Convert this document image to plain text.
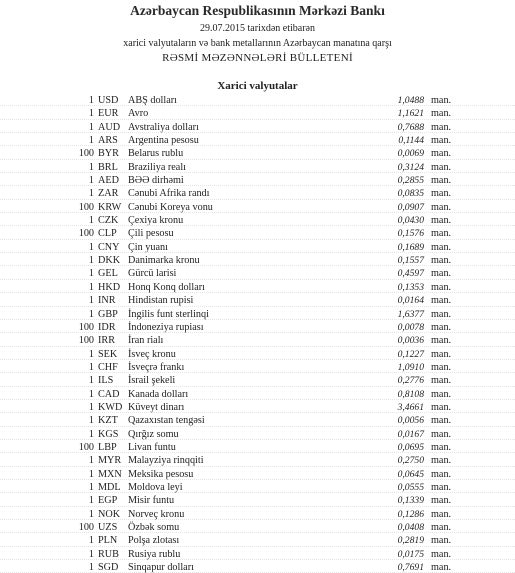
Azərbaycan Respublikasının Mərkəzi Bankı
29.07.2015 tarixdən etibarən
xarici valyutaların və bank metallarının Azərbaycan manatına qarşı
RƏSMİ MƏZƏNNƏLƏRİ BÜLLETENİ
Xarici valyutalar
1 USD ABŞ dolları	1,0488 man.
1 EUR Avro	1,1621 man.
1 AUD Avstraliya dolları	0,7688 man.
1 ARS Argentina pesosu	0,1144 man.
100 BYR Belarus rublu	0,0069 man.
1 BRL Braziliya realı	0,3124 man.
1 AED BƏƏ dirhəmi	0,2855 man.
1 ZAR Cənubi Afrika randı	0,0835 man.
100 KRW Cənubi Koreya vonu	0,0907 man.
1 CZK Çexiya kronu	0,0430 man.
100 CLP	Çili pesosu	0,1576 man.
1 CNY Çin yuanı	0,1689 man.
1 DKK Danimarka kronu	0,1557 man.
1 GEL Gürcü larisi	0,4597 man.
1 HKD Honq Konq dolları	0,1353 man.
1 INR	Hindistan rupisi	0,0164 man.
1 GBP İngilis funt sterlinqi	1,6377 man.
100 IDR	İndoneziya rupiası	0,0078 man.
100 IRR	İran rialı	0,0036 man.
1 SEK	İsveç kronu	0,1227 man.
1 CHF İsveçrə frankı	1,0910 man.
1 ILS	İsrail şekeli	0,2776 man.
1 CAD Kanada dolları	0,8108 man.
1 KWD Küveyt dinarı	3,4661 man.
1 KZT Qazaxıstan tengəsi	0,0056 man.
1 KGS Qırğız somu	0,0167 man.
100 LBP	Livan funtu	0,0695 man.
1 MYR Malayziya rinqqiti	0,2750 man.
1 MXN Meksika pesosu	0,0645 man.
1 MDL Moldova leyi	0,0555 man.
1 EGP	Misir funtu	0,1339 man.
1 NOK Norveç kronu	0,1286 man.
100 UZS	Özbək somu	0,0408 man.
1 PLN	Polşa zlotası	0,2819 man.
1 RUB Rusiya rublu	0,0175 man.
1 SGD Sinqapur dolları	0,7691 man.
